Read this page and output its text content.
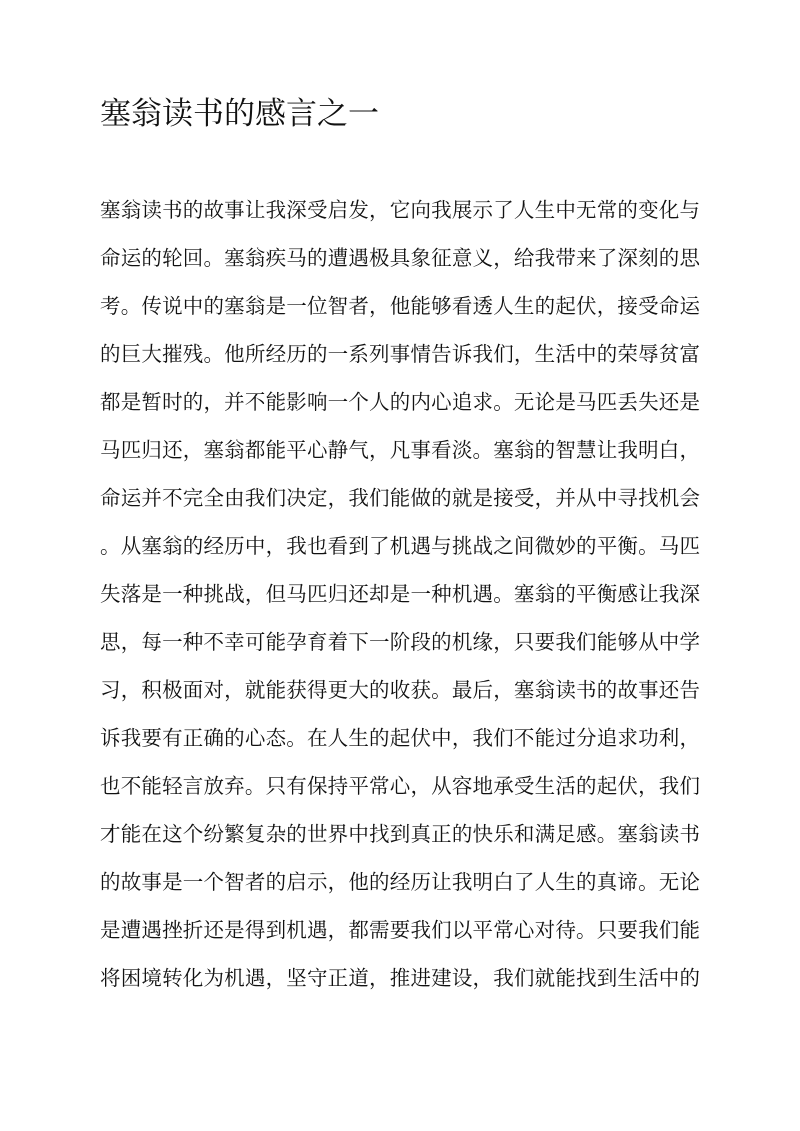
塞翁读书的感言之一
塞翁读书的故事让我深受启发，它向我展示了人生中无常的变化与
命运的轮回。塞翁疾马的遭遇极具象征意义，给我带来了深刻的思
考。传说中的塞翁是一位智者，他能够看透人生的起伏，接受命运
的巨大摧残。他所经历的一系列事情告诉我们，生活中的荣辱贫富
都是暂时的，并不能影响一个人的内心追求。无论是马匹丢失还是
马匹归还，塞翁都能平心静气，凡事看淡。塞翁的智慧让我明白，
命运并不完全由我们决定，我们能做的就是接受，并从中寻找机会
。从塞翁的经历中，我也看到了机遇与挑战之间微妙的平衡。马匹
失落是一种挑战，但马匹归还却是一种机遇。塞翁的平衡感让我深
思，每一种不幸可能孕育着下一阶段的机缘，只要我们能够从中学
习，积极面对，就能获得更大的收获。最后，塞翁读书的故事还告
诉我要有正确的心态。在人生的起伏中，我们不能过分追求功利，
也不能轻言放弃。只有保持平常心，从容地承受生活的起伏，我们
才能在这个纷繁复杂的世界中找到真正的快乐和满足感。塞翁读书
的故事是一个智者的启示，他的经历让我明白了人生的真谛。无论
是遭遇挫折还是得到机遇，都需要我们以平常心对待。只要我们能
将困境转化为机遇，坚守正道，推进建设，我们就能找到生活中的
